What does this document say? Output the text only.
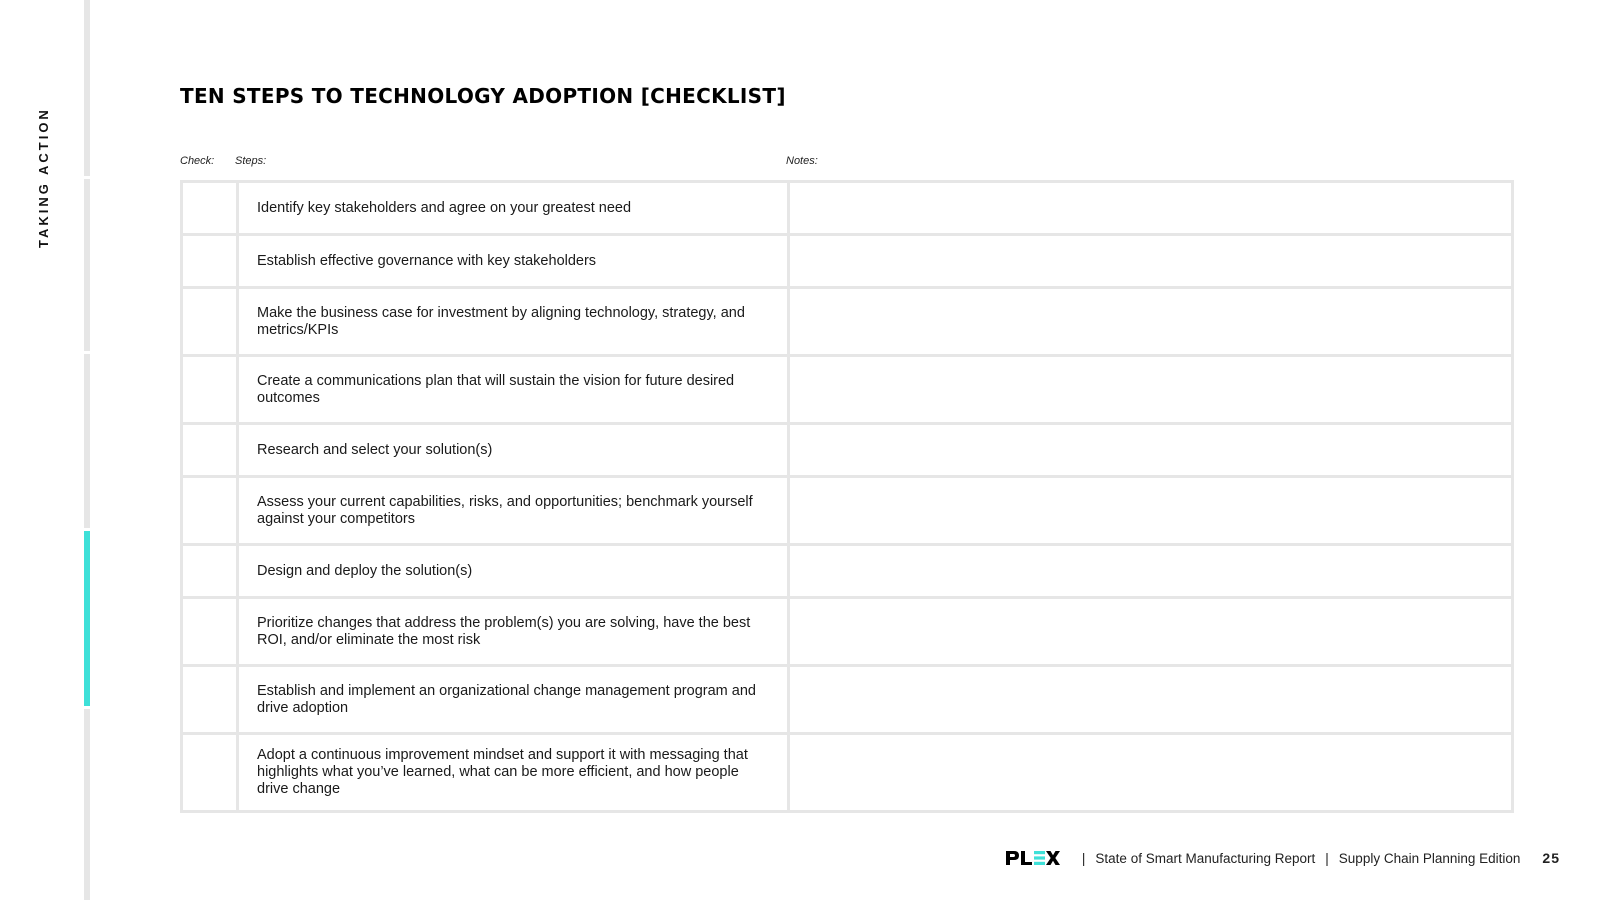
TAKING ACTION
TEN STEPS TO TECHNOLOGY ADOPTION [CHECKLIST]
Check: Steps:	Notes:
Identify key stakeholders and agree on your greatest need
Establish effective governance with key stakeholders
Make the business case for investment by aligning technology, strategy, and metrics/KPIs
Create a communications plan that will sustain the vision for future desired outcomes
Research and select your solution(s)
Assess your current capabilities, risks, and opportunities; benchmark yourself against your competitors
Design and deploy the solution(s)
Prioritize changes that address the problem(s) you are solving, have the best ROI, and/or eliminate the most risk
Establish and implement an organizational change management program and drive adoption
Adopt a continuous improvement mindset and support it with messaging that highlights what you’ve learned, what can be more efficient, and how people drive change
| State of Smart Manufacturing Report | Supply Chain Planning Edition 25
